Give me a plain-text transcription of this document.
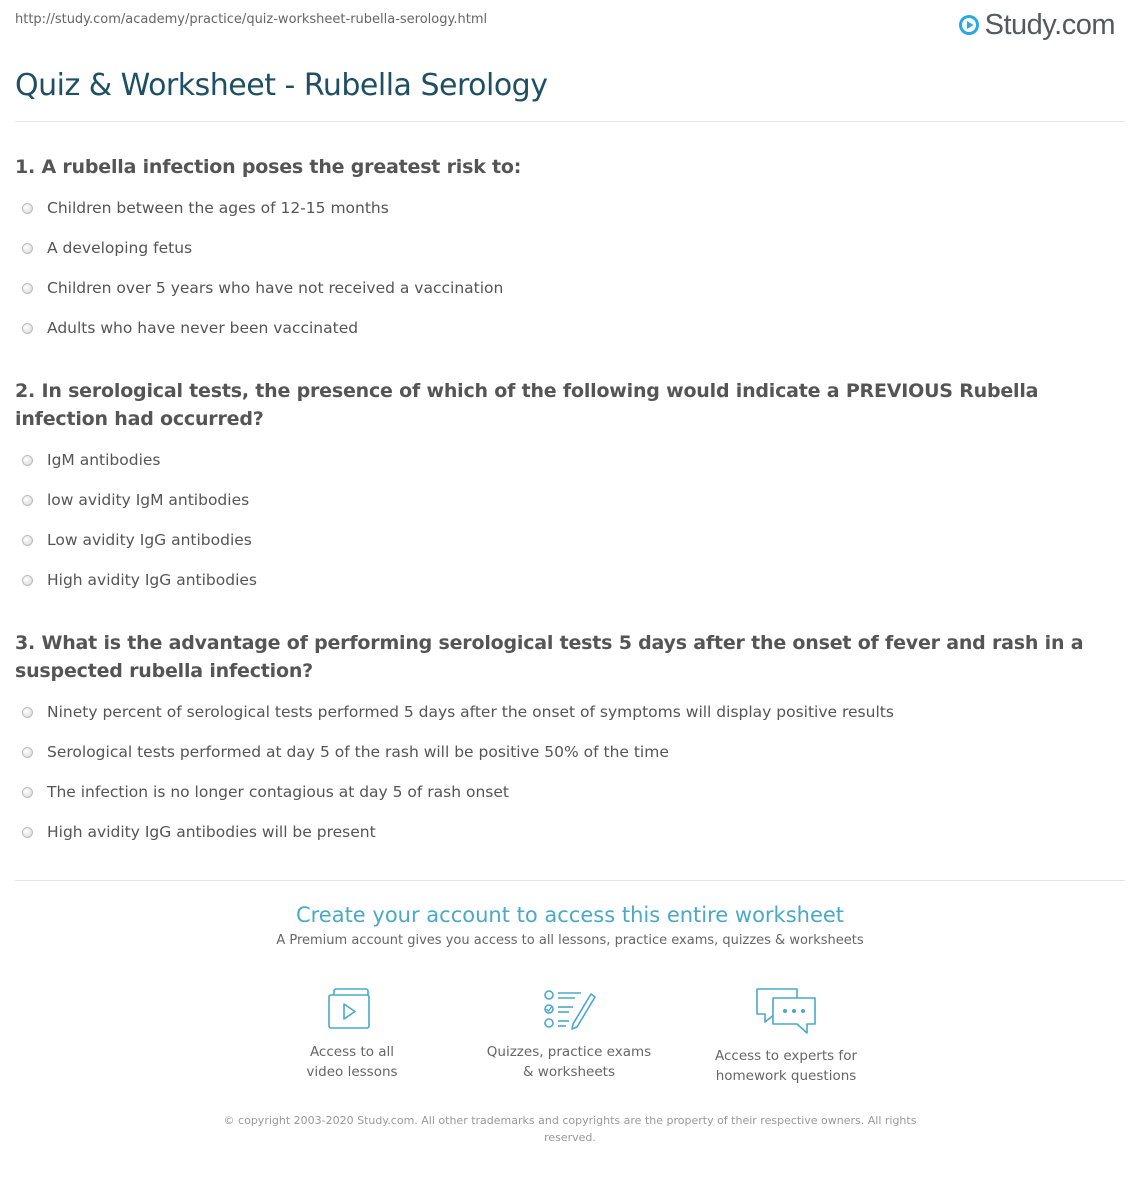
http://study.com/academy/practice/quiz-worksheet-rubella-serology.html	Study.com
Quiz & Worksheet - Rubella Serology

1. A rubella infection poses the greatest risk to:

Children between the ages of 12-15 months
A developing fetus
Children over 5 years who have not received a vaccination
Adults who have never been vaccinated

2. In serological tests, the presence of which of the following would indicate a PREVIOUS Rubella infection had occurred?

IgM antibodies
low avidity IgM antibodies
Low avidity IgG antibodies
High avidity IgG antibodies

3. What is the advantage of performing serological tests 5 days after the onset of fever and rash in a suspected rubella infection?

Ninety percent of serological tests performed 5 days after the onset of symptoms will display positive results
Serological tests performed at day 5 of the rash will be positive 50% of the time
The infection is no longer contagious at day 5 of rash onset
High avidity IgG antibodies will be present
Create your account to access this entire worksheet
A Premium account gives you access to all lessons, practice exams, quizzes & worksheets
Access to all
video lessons
Quizzes, practice exams
& worksheets
Access to experts for
homework questions
© copyright 2003-2020 Study.com. All other trademarks and copyrights are the property of their respective owners. All rights reserved.
